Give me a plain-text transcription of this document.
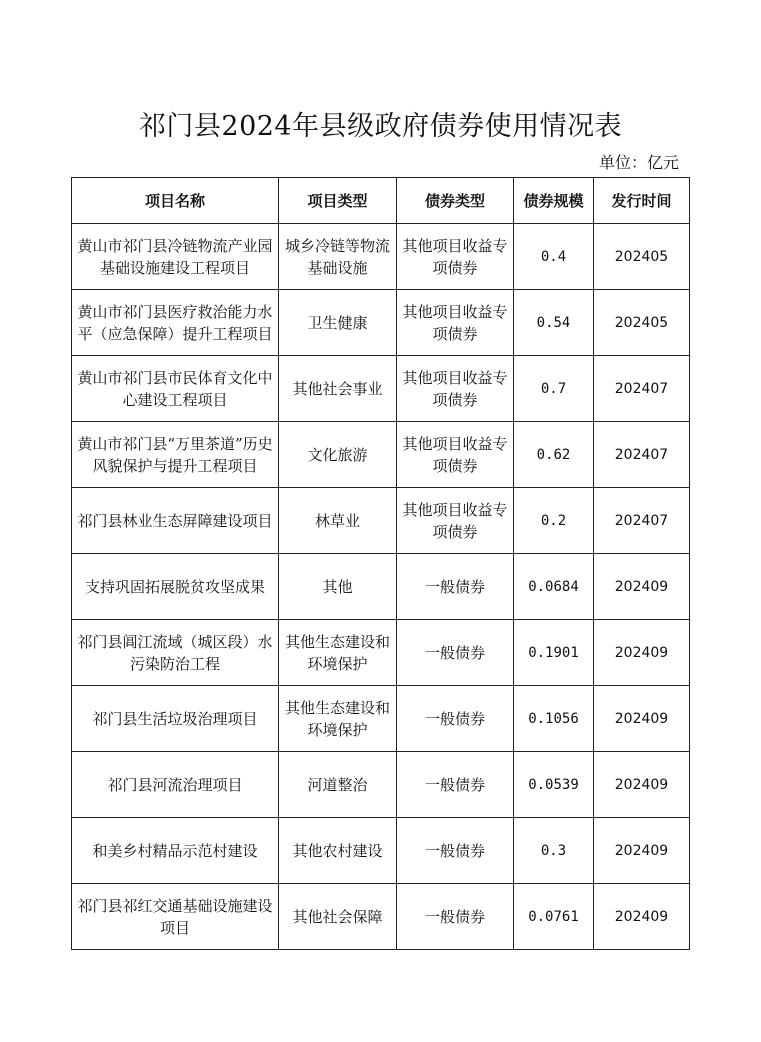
祁门县2024年县级政府债券使用情况表
单位：亿元
项目名称	项目类型	债券类型	债券规模	发行时间
黄山市祁门县冷链物流产业园基础设施建设工程项目	城乡冷链等物流基础设施	其他项目收益专项债券	0.4	202405
黄山市祁门县医疗救治能力水平（应急保障）提升工程项目	卫生健康	其他项目收益专项债券	0.54	202405
黄山市祁门县市民体育文化中心建设工程项目	其他社会事业	其他项目收益专项债券	0.7	202407
黄山市祁门县“万里茶道”历史风貌保护与提升工程项目	文化旅游	其他项目收益专项债券	0.62	202407
祁门县林业生态屏障建设项目	林草业	其他项目收益专项债券	0.2	202407
支持巩固拓展脱贫攻坚成果	其他	一般债券	0.0684	202409
祁门县阊江流域（城区段）水污染防治工程	其他生态建设和环境保护	一般债券	0.1901	202409
祁门县生活垃圾治理项目	其他生态建设和环境保护	一般债券	0.1056	202409
祁门县河流治理项目	河道整治	一般债券	0.0539	202409
和美乡村精品示范村建设	其他农村建设	一般债券	0.3	202409
祁门县祁红交通基础设施建设项目	其他社会保障	一般债券	0.0761	202409
